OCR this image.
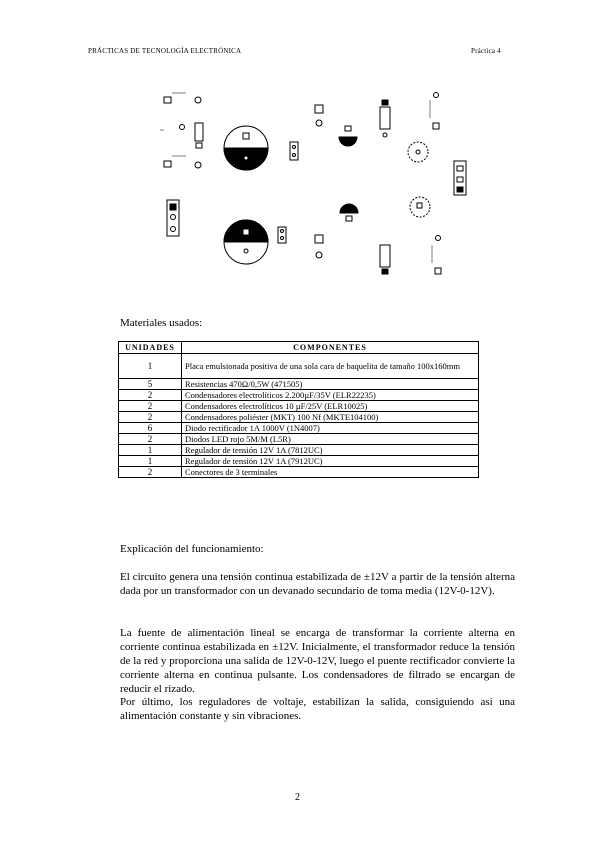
PRÁCTICAS DE TECNOLOGÍA ELECTRÓNICA	Práctica 4
Materiales usados:
UNIDADES	COMPONENTES
1	Placa emulsionada positiva de una sola cara de baquelita de tamaño 100x160mm
5	Resistencias 470Ω/0,5W (471505)
2	Condensadores electrolíticos 2.200µF/35V (ELR22235)
2	Condensadores electrolíticos 10 µF/25V (ELR10025)
2	Condensadores poliéster (MKT) 100 Nf (MKTE104100)
6	Diodo rectificador 1A 1000V (1N4007)
2	Diodos LED rojo 5M/M (L5R)
1	Regulador de tensión 12V 1A (7812UC)
1	Regulador de tensión 12V 1A (7912UC)
2	Conectores de 3 terminales
Explicación del funcionamiento:

El circuito genera una tensión continua estabilizada de ±12V a partir de la tensión alterna dada por un transformador con un devanado secundario de toma media (12V-0-12V).

La fuente de alimentación lineal se encarga de transformar la corriente alterna en corriente continua estabilizada en ±12V. Inicialmente, el transformador reduce la tensión de la red y proporciona una salida de 12V-0-12V, luego el puente rectificador convierte la corriente alterna en continua pulsante. Los condensadores de filtrado se encargan de reducir el rizado.

Por último, los reguladores de voltaje, estabilizan la salida, consiguiendo así una alimentación constante y sin vibraciones.

2
